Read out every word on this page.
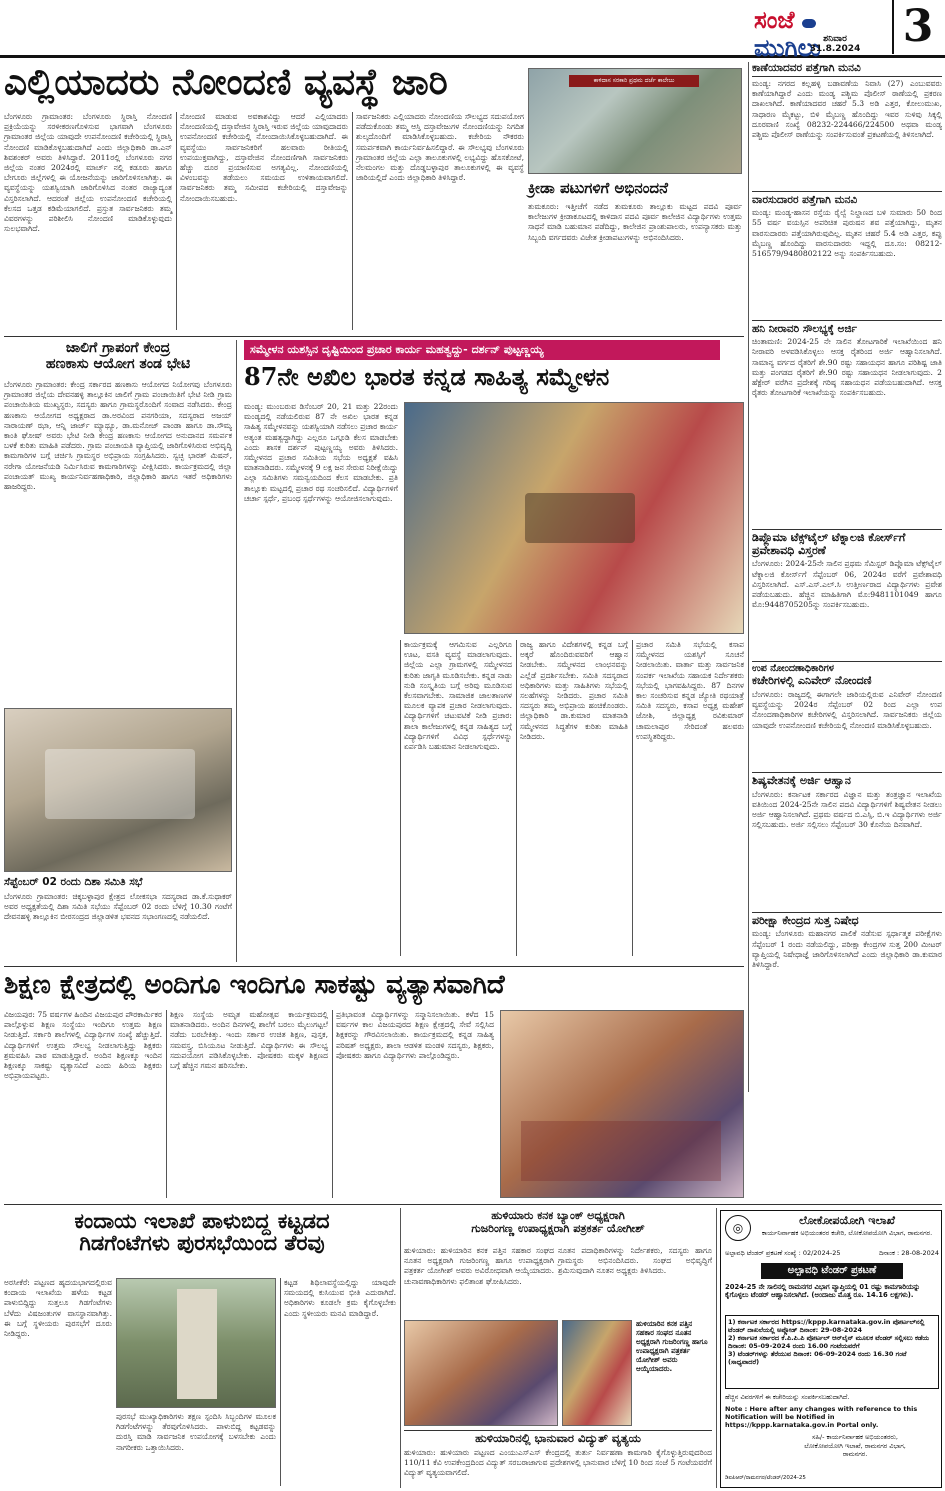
ಸಂಜೆ  ಮುಗಿಲು ಶನಿವಾರ
31.8.2024 3
ಎಲ್ಲಿಯಾದರು ನೋಂದಣಿ ವ್ಯವಸ್ಥೆ ಜಾರಿ
ಬೆಂಗಳೂರು ಗ್ರಾಮಾಂತರ: ಬೆಂಗಳೂರು ಸ್ಥಿರಾಸ್ತಿ ನೋಂದಣಿ ಪ್ರಕ್ರಿಯೆಯನ್ನು ಸರಳೀಕರಣಗೊಳಿಸುವ ಭಾಗವಾಗಿ ಬೆಂಗಳೂರು ಗ್ರಾಮಾಂತರ ಜಿಲ್ಲೆಯ ಯಾವುದೇ ಉಪನೋಂದಣಿ ಕಚೇರಿಯಲ್ಲಿ ಸ್ಥಿರಾಸ್ತಿ ನೋಂದಣಿ ಮಾಡಿಕೊಳ್ಳಬಹುದಾಗಿದೆ ಎಂದು ಜಿಲ್ಲಾಧಿಕಾರಿ ಡಾ.ಎನ್ ಶಿವಶಂಕರ್ ಅವರು ತಿಳಿಸಿದ್ದಾರೆ. 2011ರಲ್ಲಿ ಬೆಂಗಳೂರು ನಗರ ಜಿಲ್ಲೆಯ ನಂತರ 2024ರಲ್ಲಿ ಮಾರ್ಚ್ ನಲ್ಲಿ ಕಡೂರು ಹಾಗೂ ಬೇಗೂರು ಜಿಲ್ಲೆಗಳಲ್ಲಿ ಈ ಯೋಜನೆಯನ್ನು ಜಾರಿಗೊಳಿಸಲಾಗಿತ್ತು. ಈ ವ್ಯವಸ್ಥೆಯನ್ನು ಯಶಸ್ವಿಯಾಗಿ ಜಾರಿಗೊಳಿಸಿದ ನಂತರ ರಾಜ್ಯಾದ್ಯಂತ ವಿಸ್ತರಿಸಲಾಗಿದೆ. ಆದರಂತೆ ಜಿಲ್ಲೆಯ ಉಪನೋಂದಣಿ ಕಚೇರಿಯಲ್ಲಿ ಕೆಲಸದ ಒತ್ತಡ ಕಡಿಮೆಯಾಗಲಿದೆ. ಪ್ರಸ್ತುತ ಸಾರ್ವಜನಿಕರು ತಮ್ಮ ವಿವರಗಳನ್ನು ಪರಿಶೀಲಿಸಿ ನೋಂದಣಿ ಮಾಡಿಕೊಳ್ಳುವುದು ಸುಲಭವಾಗಿದೆ.
ನೋಂದಣಿ ಮಾಡುವ ಅವಕಾಶವಿದ್ದು ಆದರೆ ಎಲ್ಲಿಯಾದರು ನೋಂದಣಿಯಲ್ಲಿ ದಸ್ತಾವೇಜಿನ ಸ್ಥಿರಾಸ್ತಿ ಇರುವ ಜಿಲ್ಲೆಯ ಯಾವುದಾದರು ಉಪನೋಂದಣಿ ಕಚೇರಿಯಲ್ಲಿ ನೋಂದಾಯಿಸಿಕೊಳ್ಳಬಹುದಾಗಿದೆ. ಈ ವ್ಯವಸ್ಥೆಯು ಸಾರ್ವಜನಿಕರಿಗೆ ಹಲವಾರು ರೀತಿಯಲ್ಲಿ ಉಪಯುಕ್ತವಾಗಿದ್ದು, ದಸ್ತಾವೇಜಿನ ನೋಂದಣಿಗಾಗಿ ಸಾರ್ವಜನಿಕರು ಹೆಚ್ಚು ದೂರ ಪ್ರಯಾಣಿಸುವ ಅಗತ್ಯವಿಲ್ಲ. ನೋಂದಣಿಯಲ್ಲಿ ವಿಳಂಬವನ್ನು ತಡೆಯಲು ಸಮಯದ ಉಳಿತಾಯವಾಗಲಿದೆ. ಸಾರ್ವಜನಿಕರು ತಮ್ಮ ಸಮೀಪದ ಕಚೇರಿಯಲ್ಲಿ ದಸ್ತಾವೇಜನ್ನು ನೋಂದಾಯಿಸಬಹುದು.
ಸಾರ್ವಜನಿಕರು ಎಲ್ಲಿಯಾದರು ನೋಂದಣಿಯ ಸೌಲಭ್ಯದ ಸದುಪಯೋಗ ಪಡೆದುಕೊಂಡು ತಮ್ಮ ಆಸ್ತಿ ದಸ್ತಾವೇಜುಗಳ ನೋಂದಣಿಯನ್ನು ನಿಗದಿತ ಶುಲ್ಕದೊಂದಿಗೆ ಮಾಡಿಸಿಕೊಳ್ಳಬಹುದು. ಕಚೇರಿಯ ನೌಕರರು ಸಮರ್ಪಕವಾಗಿ ಕಾರ್ಯನಿರ್ವಹಿಸಲಿದ್ದಾರೆ. ಈ ಸೌಲಭ್ಯವು ಬೆಂಗಳೂರು ಗ್ರಾಮಾಂತರ ಜಿಲ್ಲೆಯ ಎಲ್ಲಾ ತಾಲೂಕುಗಳಲ್ಲಿ ಲಭ್ಯವಿದ್ದು ಹೊಸಕೋಟೆ, ನೆಲಮಂಗಲ ಮತ್ತು ದೊಡ್ಡಬಳ್ಳಾಪುರ ತಾಲೂಕುಗಳಲ್ಲಿ ಈ ವ್ಯವಸ್ಥೆ ಜಾರಿಯಲ್ಲಿದೆ ಎಂದು ಜಿಲ್ಲಾಧಿಕಾರಿ ತಿಳಿಸಿದ್ದಾರೆ.
ಕಾಳಿದಾಸ ಸರಕಾರಿ ಪ್ರಥಮ ದರ್ಜೆ ಕಾಲೇಜು
ಕ್ರೀಡಾ ಪಟುಗಳಿಗೆ ಅಭಿನಂದನೆ
ತುಮಕೂರು: ಇತ್ತೀಚೆಗೆ ನಡೆದ ತುಮಕೂರು ತಾಲ್ಲೂಕು ಮಟ್ಟದ ಪದವಿ ಪೂರ್ವ ಕಾಲೇಜುಗಳ ಕ್ರೀಡಾಕೂಟದಲ್ಲಿ ಕಾಳಿದಾಸ ಪದವಿ ಪೂರ್ವ ಕಾಲೇಜಿನ ವಿದ್ಯಾರ್ಥಿಗಳು ಉತ್ತಮ ಸಾಧನೆ ಮಾಡಿ ಬಹುಮಾನ ಪಡೆದಿದ್ದು, ಕಾಲೇಜಿನ ಪ್ರಾಂಶುಪಾಲರು, ಉಪನ್ಯಾಸಕರು ಮತ್ತು ಸಿಬ್ಬಂದಿ ವರ್ಗದವರು ವಿಜೇತ ಕ್ರೀಡಾಪಟುಗಳನ್ನು ಅಭಿನಂದಿಸಿದರು.
ಕಾಣೆಯಾದವರ ಪತ್ತೆಗಾಗಿ ಮನವಿ
ಮಂಡ್ಯ: ನಗರದ ಕಲ್ಲಹಳ್ಳಿ ಬಡಾವಣೆಯ ನಿವಾಸಿ (27) ಎಂಬುವವರು ಕಾಣೆಯಾಗಿದ್ದಾರೆ ಎಂದು ಮಂಡ್ಯ ಪಶ್ಚಿಮ ಪೊಲೀಸ್ ಠಾಣೆಯಲ್ಲಿ ಪ್ರಕರಣ ದಾಖಲಾಗಿದೆ. ಕಾಣೆಯಾದವರ ಚಹರೆ 5.3 ಅಡಿ ಎತ್ತರ, ಕೋಲುಮುಖ, ಸಾಧಾರಣ ಮೈಕಟ್ಟು, ಬಿಳಿ ಮೈಬಣ್ಣ ಹೊಂದಿದ್ದು ಇವರ ಸುಳಿವು ಸಿಕ್ಕಲ್ಲಿ ದೂರವಾಣಿ ಸಂಖ್ಯೆ 08232-224466/224500 ಅಥವಾ ಮಂಡ್ಯ ಪಶ್ಚಿಮ ಪೊಲೀಸ್ ಠಾಣೆಯನ್ನು ಸಂಪರ್ಕಿಸುವಂತೆ ಪ್ರಕಟಣೆಯಲ್ಲಿ ತಿಳಿಸಲಾಗಿದೆ.
ವಾರಸುದಾರರ ಪತ್ತೆಗಾಗಿ ಮನವಿ
ಮಂಡ್ಯ: ಮಂಡ್ಯ-ಹಾಸನ ರಸ್ತೆಯ ರೈಲ್ವೆ ನಿಲ್ದಾಣದ ಬಳಿ ಸುಮಾರು 50 ರಿಂದ 55 ವರ್ಷ ವಯಸ್ಸಿನ ಅಪರಿಚಿತ ಪುರುಷನ ಶವ ಪತ್ತೆಯಾಗಿದ್ದು, ಮೃತನ ವಾರಸುದಾರರು ಪತ್ತೆಯಾಗಿರುವುದಿಲ್ಲ. ಮೃತನ ಚಹರೆ 5.4 ಅಡಿ ಎತ್ತರ, ಕಪ್ಪು ಮೈಬಣ್ಣ ಹೊಂದಿದ್ದು ವಾರಸುದಾರರು ಇದ್ದಲ್ಲಿ ದೂ.ಸಂ: 08212-516579/9480802122 ಅನ್ನು ಸಂಪರ್ಕಿಸಬಹುದು.
ಹನಿ ನೀರಾವರಿ ಸೌಲಭ್ಯಕ್ಕೆ ಅರ್ಜಿ
ಚಿಂತಾಮಣಿ: 2024-25 ನೇ ಸಾಲಿನ ತೋಟಗಾರಿಕೆ ಇಲಾಖೆಯಿಂದ ಹನಿ ನೀರಾವರಿ ಅಳವಡಿಸಿಕೊಳ್ಳಲು ಆಸಕ್ತ ರೈತರಿಂದ ಅರ್ಜಿ ಆಹ್ವಾನಿಸಲಾಗಿದೆ. ಸಾಮಾನ್ಯ ವರ್ಗದ ರೈತರಿಗೆ ಶೇ.90 ರಷ್ಟು ಸಹಾಯಧನ ಹಾಗೂ ಪರಿಶಿಷ್ಟ ಜಾತಿ ಮತ್ತು ಪಂಗಡದ ರೈತರಿಗೆ ಶೇ.90 ರಷ್ಟು ಸಹಾಯಧನ ನೀಡಲಾಗುವುದು. 2 ಹೆಕ್ಟೇರ್ ವರೆಗಿನ ಪ್ರದೇಶಕ್ಕೆ ಗರಿಷ್ಠ ಸಹಾಯಧನ ಪಡೆಯಬಹುದಾಗಿದೆ. ಆಸಕ್ತ ರೈತರು ತೋಟಗಾರಿಕೆ ಇಲಾಖೆಯನ್ನು ಸಂಪರ್ಕಿಸಬಹುದು.
ಡಿಪ್ಲೊಮಾ ಟೆಕ್ಸ್‌ಟೈಲ್ ಟೆಕ್ನಾಲಜಿ ಕೋರ್ಸ್‌ಗೆ ಪ್ರವೇಶಾವಧಿ ವಿಸ್ತರಣೆ
ಬೆಂಗಳೂರು: 2024-25ನೇ ಸಾಲಿನ ಪ್ರಥಮ ಸೆಮಿಸ್ಟರ್ ಡಿಪ್ಲೊಮಾ ಟೆಕ್ಸ್‌ಟೈಲ್ ಟೆಕ್ನಾಲಜಿ ಕೋರ್ಸ್‌ಗೆ ಸೆಪ್ಟೆಂಬರ್ 06, 2024ರ ವರೆಗೆ ಪ್ರವೇಶಾವಧಿ ವಿಸ್ತರಿಸಲಾಗಿದೆ. ಎಸ್.ಎಸ್.ಎಲ್.ಸಿ ಉತ್ತೀರ್ಣರಾದ ವಿದ್ಯಾರ್ಥಿಗಳು ಪ್ರವೇಶ ಪಡೆಯಬಹುದು. ಹೆಚ್ಚಿನ ಮಾಹಿತಿಗಾಗಿ ಮೊ:9481101049 ಹಾಗೂ ಮೊ:9448705205ನ್ನು ಸಂಪರ್ಕಿಸಬಹುದು.
ಉಪ ನೋಂದಣಾಧಿಕಾರಿಗಳ
ಕಚೇರಿಗಳಲ್ಲಿ ಎನಿವೇರ್ ನೋಂದಣಿ
ಬೆಂಗಳೂರು: ರಾಜ್ಯದಲ್ಲಿ ಈಗಾಗಲೇ ಜಾರಿಯಲ್ಲಿರುವ ಎನಿವೇರ್ ನೋಂದಣಿ ವ್ಯವಸ್ಥೆಯನ್ನು 2024ರ ಸೆಪ್ಟೆಂಬರ್ 02 ರಿಂದ ಎಲ್ಲಾ ಉಪ ನೋಂದಣಾಧಿಕಾರಿಗಳ ಕಚೇರಿಗಳಲ್ಲಿ ವಿಸ್ತರಿಸಲಾಗಿದೆ. ಸಾರ್ವಜನಿಕರು ಜಿಲ್ಲೆಯ ಯಾವುದೇ ಉಪನೋಂದಣಿ ಕಚೇರಿಯಲ್ಲಿ ನೋಂದಣಿ ಮಾಡಿಸಿಕೊಳ್ಳಬಹುದು.
ಶಿಷ್ಯವೇತನಕ್ಕೆ ಅರ್ಜಿ ಆಹ್ವಾನ
ಬೆಂಗಳೂರು: ಕರ್ನಾಟಕ ಸರ್ಕಾರದ ವಿಜ್ಞಾನ ಮತ್ತು ತಂತ್ರಜ್ಞಾನ ಇಲಾಖೆಯ ವತಿಯಿಂದ 2024-25ನೇ ಸಾಲಿನ ಪದವಿ ವಿದ್ಯಾರ್ಥಿಗಳಿಗೆ ಶಿಷ್ಯವೇತನ ನೀಡಲು ಅರ್ಜಿ ಆಹ್ವಾನಿಸಲಾಗಿದೆ. ಪ್ರಥಮ ವರ್ಷದ ಬಿ.ಎಸ್ಸಿ, ಬಿ.ಇ ವಿದ್ಯಾರ್ಥಿಗಳು ಅರ್ಜಿ ಸಲ್ಲಿಸಬಹುದು. ಅರ್ಜಿ ಸಲ್ಲಿಸಲು ಸೆಪ್ಟೆಂಬರ್ 30 ಕೊನೆಯ ದಿನವಾಗಿದೆ.
ಪರೀಕ್ಷಾ ಕೇಂದ್ರದ ಸುತ್ತ ನಿಷೇಧ
ಮಂಡ್ಯ: ಬೆಂಗಳೂರು ಮಹಾನಗರ ಪಾಲಿಕೆ ನಡೆಸುವ ಸ್ಪರ್ಧಾತ್ಮಕ ಪರೀಕ್ಷೆಗಳು ಸೆಪ್ಟೆಂಬರ್ 1 ರಂದು ನಡೆಯಲಿದ್ದು, ಪರೀಕ್ಷಾ ಕೇಂದ್ರಗಳ ಸುತ್ತ 200 ಮೀಟರ್ ವ್ಯಾಪ್ತಿಯಲ್ಲಿ ನಿಷೇಧಾಜ್ಞೆ ಜಾರಿಗೊಳಿಸಲಾಗಿದೆ ಎಂದು ಜಿಲ್ಲಾಧಿಕಾರಿ ಡಾ.ಕುಮಾರ ತಿಳಿಸಿದ್ದಾರೆ.
ಜಾಲಿಗೆ ಗ್ರಾಪಂಗೆ ಕೇಂದ್ರ
ಹಣಕಾಸು ಆಯೋಗ ತಂಡ ಭೇಟಿ
ಬೆಂಗಳೂರು ಗ್ರಾಮಾಂತರ: ಕೇಂದ್ರ ಸರ್ಕಾರದ ಹಣಕಾಸು ಆಯೋಗದ ನಿಯೋಗವು ಬೆಂಗಳೂರು ಗ್ರಾಮಾಂತರ ಜಿಲ್ಲೆಯ ದೇವನಹಳ್ಳಿ ತಾಲ್ಲೂಕಿನ ಜಾಲಿಗೆ ಗ್ರಾಮ ಪಂಚಾಯಿತಿಗೆ ಭೇಟಿ ನೀಡಿ ಗ್ರಾಮ ಪಂಚಾಯಿತಿಯ ಮುಖ್ಯಸ್ಥರು, ಸದಸ್ಯರು ಹಾಗೂ ಗ್ರಾಮಸ್ಥರೊಂದಿಗೆ ಸಂವಾದ ನಡೆಸಿದರು. ಕೇಂದ್ರ ಹಣಕಾಸು ಆಯೋಗದ ಅಧ್ಯಕ್ಷರಾದ ಡಾ.ಅರವಿಂದ ಪನಗರಿಯಾ, ಸದಸ್ಯರಾದ ಅಜಯ್ ನಾರಾಯಣ್ ಝಾ, ಆನ್ನಿ ಜಾರ್ಜ್ ಮ್ಯಾಥ್ಯೂ, ಡಾ.ಮನೋಜ್ ಪಾಂಡಾ ಹಾಗೂ ಡಾ.ಸೌಮ್ಯ ಕಾಂತಿ ಘೋಷ್ ಅವರು ಭೇಟಿ ನೀಡಿ ಕೇಂದ್ರ ಹಣಕಾಸು ಆಯೋಗದ ಅನುದಾನದ ಸಮರ್ಪಕ ಬಳಕೆ ಕುರಿತು ಮಾಹಿತಿ ಪಡೆದರು. ಗ್ರಾಮ ಪಂಚಾಯತಿ ವ್ಯಾಪ್ತಿಯಲ್ಲಿ ಜಾರಿಗೊಳಿಸಿರುವ ಅಭಿವೃದ್ಧಿ ಕಾಮಗಾರಿಗಳ ಬಗ್ಗೆ ಚರ್ಚಿಸಿ ಗ್ರಾಮಸ್ಥರ ಅಭಿಪ್ರಾಯ ಸಂಗ್ರಹಿಸಿದರು. ಸ್ವಚ್ಛ ಭಾರತ್ ಮಿಷನ್, ನರೇಗಾ ಯೋಜನೆಯಡಿ ನಿರ್ಮಿಸಿರುವ ಕಾಮಗಾರಿಗಳನ್ನು ವೀಕ್ಷಿಸಿದರು. ಕಾರ್ಯಕ್ರಮದಲ್ಲಿ ಜಿಲ್ಲಾ ಪಂಚಾಯತ್ ಮುಖ್ಯ ಕಾರ್ಯನಿರ್ವಹಣಾಧಿಕಾರಿ, ಜಿಲ್ಲಾಧಿಕಾರಿ ಹಾಗೂ ಇತರೆ ಅಧಿಕಾರಿಗಳು ಹಾಜರಿದ್ದರು.
ಸೆಪ್ಟೆಂಬರ್ 02 ರಂದು ದಿಶಾ ಸಮಿತಿ ಸಭೆ
ಬೆಂಗಳೂರು ಗ್ರಾಮಾಂತರ: ಚಿಕ್ಕಬಳ್ಳಾಪುರ ಕ್ಷೇತ್ರದ ಲೋಕಸಭಾ ಸದಸ್ಯರಾದ ಡಾ.ಕೆ.ಸುಧಾಕರ್ ಅವರ ಅಧ್ಯಕ್ಷತೆಯಲ್ಲಿ ದಿಶಾ ಸಮಿತಿ ಸಭೆಯು ಸೆಪ್ಟೆಂಬರ್ 02 ರಂದು ಬೆಳಿಗ್ಗೆ 10.30 ಗಂಟೆಗೆ ದೇವನಹಳ್ಳಿ ತಾಲ್ಲೂಕಿನ ಬೀರಸಂದ್ರದ ಜಿಲ್ಲಾಡಳಿತ ಭವನದ ಸಭಾಂಗಣದಲ್ಲಿ ನಡೆಯಲಿದೆ.
ಸಮ್ಮೇಳನ ಯಶಸ್ಸಿನ ದೃಷ್ಟಿಯಿಂದ ಪ್ರಚಾರ ಕಾರ್ಯ ಮಹತ್ವದ್ದು- ದರ್ಶನ್ ಪುಟ್ಟಣ್ಣಯ್ಯ
87ನೇ ಅಖಿಲ ಭಾರತ ಕನ್ನಡ ಸಾಹಿತ್ಯ ಸಮ್ಮೇಳನ
ಮಂಡ್ಯ: ಮುಂಬರುವ ಡಿಸೆಂಬರ್ 20, 21 ಮತ್ತು 22ರಂದು ಮಂಡ್ಯದಲ್ಲಿ ನಡೆಯಲಿರುವ 87 ನೇ ಅಖಿಲ ಭಾರತ ಕನ್ನಡ ಸಾಹಿತ್ಯ ಸಮ್ಮೇಳನವನ್ನು ಯಶಸ್ವಿಯಾಗಿ ನಡೆಸಲು ಪ್ರಚಾರ ಕಾರ್ಯ ಅತ್ಯಂತ ಮಹತ್ವದ್ದಾಗಿದ್ದು ಎಲ್ಲರೂ ಒಗ್ಗೂಡಿ ಕೆಲಸ ಮಾಡಬೇಕು ಎಂದು ಶಾಸಕ ದರ್ಶನ್ ಪುಟ್ಟಣ್ಣಯ್ಯ ಅವರು ತಿಳಿಸಿದರು. ಸಮ್ಮೇಳನದ ಪ್ರಚಾರ ಸಮಿತಿಯ ಸಭೆಯ ಅಧ್ಯಕ್ಷತೆ ವಹಿಸಿ ಮಾತನಾಡಿದರು. ಸಮ್ಮೇಳನಕ್ಕೆ 9 ಲಕ್ಷ ಜನ ಸೇರುವ ನಿರೀಕ್ಷೆಯಿದ್ದು ಎಲ್ಲಾ ಸಮಿತಿಗಳು ಸಮನ್ವಯದಿಂದ ಕೆಲಸ ಮಾಡಬೇಕು. ಪ್ರತಿ ತಾಲ್ಲೂಕು ಮಟ್ಟದಲ್ಲಿ ಪ್ರಚಾರ ರಥ ಸಂಚರಿಸಲಿದೆ. ವಿದ್ಯಾರ್ಥಿಗಳಿಗೆ ಚರ್ಚಾ ಸ್ಪರ್ಧೆ, ಪ್ರಬಂಧ ಸ್ಪರ್ಧೆಗಳನ್ನು ಆಯೋಜಿಸಲಾಗುವುದು.
ಕಾರ್ಯಕ್ರಮಕ್ಕೆ ಆಗಮಿಸುವ ಎಲ್ಲರಿಗೂ ಊಟ, ವಸತಿ ವ್ಯವಸ್ಥೆ ಮಾಡಲಾಗುವುದು. ಜಿಲ್ಲೆಯ ಎಲ್ಲಾ ಗ್ರಾಮಗಳಲ್ಲಿ ಸಮ್ಮೇಳನದ ಕುರಿತು ಜಾಗೃತಿ ಮೂಡಿಸಬೇಕು. ಕನ್ನಡ ನಾಡು ನುಡಿ ಸಂಸ್ಕೃತಿಯ ಬಗ್ಗೆ ಅರಿವು ಮೂಡಿಸುವ ಕೆಲಸವಾಗಬೇಕು. ಸಾಮಾಜಿಕ ಜಾಲತಾಣಗಳ ಮೂಲಕ ವ್ಯಾಪಕ ಪ್ರಚಾರ ನೀಡಲಾಗುವುದು. ವಿದ್ಯಾರ್ಥಿಗಳಿಗೆ ಚಟುವಟಿಕೆ ನೀಡಿ ಪ್ರಚಾರ: ಶಾಲಾ ಕಾಲೇಜುಗಳಲ್ಲಿ ಕನ್ನಡ ಸಾಹಿತ್ಯದ ಬಗ್ಗೆ ವಿದ್ಯಾರ್ಥಿಗಳಿಗೆ ವಿವಿಧ ಸ್ಪರ್ಧೆಗಳನ್ನು ಏರ್ಪಡಿಸಿ ಬಹುಮಾನ ನೀಡಲಾಗುವುದು.
ರಾಜ್ಯ ಹಾಗೂ ವಿದೇಶಗಳಲ್ಲಿ ಕನ್ನಡ ಬಗ್ಗೆ ಅಕ್ಕರೆ ಹೊಂದಿರುವವರಿಗೆ ಆಹ್ವಾನ ನೀಡಬೇಕು. ಸಮ್ಮೇಳನದ ಲಾಂಛನವನ್ನು ಎಲ್ಲೆಡೆ ಪ್ರದರ್ಶಿಸಬೇಕು. ಸಮಿತಿ ಸದಸ್ಯರಾದ ಅಧಿಕಾರಿಗಳು ಮತ್ತು ಸಾಹಿತಿಗಳು ಸಭೆಯಲ್ಲಿ ಸಲಹೆಗಳನ್ನು ನೀಡಿದರು. ಪ್ರಚಾರ ಸಮಿತಿ ಸದಸ್ಯರು ತಮ್ಮ ಅಭಿಪ್ರಾಯ ಹಂಚಿಕೊಂಡರು. ಜಿಲ್ಲಾಧಿಕಾರಿ ಡಾ.ಕುಮಾರ ಮಾತನಾಡಿ ಸಮ್ಮೇಳನದ ಸಿದ್ಧತೆಗಳ ಕುರಿತು ಮಾಹಿತಿ ನೀಡಿದರು.
ಪ್ರಚಾರ ಸಮಿತಿ ಸಭೆಯಲ್ಲಿ ಕಸಾಪ ಸಮ್ಮೇಳನದ ಯಶಸ್ಸಿಗೆ ಸೂಚನೆ ನೀಡಲಾಯಿತು. ವಾರ್ತಾ ಮತ್ತು ಸಾರ್ವಜನಿಕ ಸಂಪರ್ಕ ಇಲಾಖೆಯ ಸಹಾಯಕ ನಿರ್ದೇಶಕರು ಸಭೆಯಲ್ಲಿ ಭಾಗವಹಿಸಿದ್ದರು. 87 ದಿನಗಳ ಕಾಲ ಸಂಚರಿಸುವ ಕನ್ನಡ ಜ್ಯೋತಿ ರಥಯಾತ್ರೆ ಸಮಿತಿ ಸದಸ್ಯರು, ಕಸಾಪ ಅಧ್ಯಕ್ಷ ಮಹೇಶ್ ಜೋಶಿ, ಜಿಲ್ಲಾಧ್ಯಕ್ಷ ರವಿಕುಮಾರ್ ಚಾಮಲಾಪುರ ಸೇರಿದಂತೆ ಹಲವರು ಉಪಸ್ಥಿತರಿದ್ದರು.
ಶಿಕ್ಷಣ ಕ್ಷೇತ್ರದಲ್ಲಿ ಅಂದಿಗೂ ಇಂದಿಗೂ ಸಾಕಷ್ಟು ವ್ಯತ್ಯಾಸವಾಗಿದೆ
ವಿಜಯಪುರ: 75 ವರ್ಷಗಳ ಹಿಂದಿನ ವಿಜಯಪುರ ಪೌರಕಾರ್ಮಿಕರ ಪಾಲ್ಗೊಳ್ಳುವ ಶಿಕ್ಷಣ ಸಂಸ್ಥೆಯು ಇಂದಿಗೂ ಉತ್ತಮ ಶಿಕ್ಷಣ ನೀಡುತ್ತಿದೆ. ಸರ್ಕಾರಿ ಶಾಲೆಗಳಲ್ಲಿ ವಿದ್ಯಾರ್ಥಿಗಳ ಸಂಖ್ಯೆ ಹೆಚ್ಚುತ್ತಿದೆ. ವಿದ್ಯಾರ್ಥಿಗಳಿಗೆ ಉತ್ತಮ ಸೌಲಭ್ಯ ನೀಡಲಾಗುತ್ತಿದ್ದು ಶಿಕ್ಷಕರು ಶ್ರಮವಹಿಸಿ ಪಾಠ ಮಾಡುತ್ತಿದ್ದಾರೆ. ಅಂದಿನ ಶಿಕ್ಷಣಕ್ಕೂ ಇಂದಿನ ಶಿಕ್ಷಣಕ್ಕೂ ಸಾಕಷ್ಟು ವ್ಯತ್ಯಾಸವಿದೆ ಎಂದು ಹಿರಿಯ ಶಿಕ್ಷಕರು ಅಭಿಪ್ರಾಯಪಟ್ಟರು.
ಶಿಕ್ಷಣ ಸಂಸ್ಥೆಯ ಅಮೃತ ಮಹೋತ್ಸವ ಕಾರ್ಯಕ್ರಮದಲ್ಲಿ ಮಾತನಾಡಿದರು. ಅಂದಿನ ದಿನಗಳಲ್ಲಿ ಶಾಲೆಗೆ ಬರಲು ಮೈಲುಗಟ್ಟಲೆ ನಡೆದು ಬರಬೇಕಿತ್ತು. ಇಂದು ಸರ್ಕಾರ ಉಚಿತ ಶಿಕ್ಷಣ, ಪುಸ್ತಕ, ಸಮವಸ್ತ್ರ, ಬಿಸಿಯೂಟ ನೀಡುತ್ತಿದೆ. ವಿದ್ಯಾರ್ಥಿಗಳು ಈ ಸೌಲಭ್ಯ ಸದುಪಯೋಗ ಪಡಿಸಿಕೊಳ್ಳಬೇಕು. ಪೋಷಕರು ಮಕ್ಕಳ ಶಿಕ್ಷಣದ ಬಗ್ಗೆ ಹೆಚ್ಚಿನ ಗಮನ ಹರಿಸಬೇಕು.
ಪ್ರತಿಭಾವಂತ ವಿದ್ಯಾರ್ಥಿಗಳನ್ನು ಸನ್ಮಾನಿಸಲಾಯಿತು. ಕಳೆದ 15 ವರ್ಷಗಳ ಕಾಲ ವಿಜಯಪುರದ ಶಿಕ್ಷಣ ಕ್ಷೇತ್ರದಲ್ಲಿ ಸೇವೆ ಸಲ್ಲಿಸಿದ ಶಿಕ್ಷಕರನ್ನು ಗೌರವಿಸಲಾಯಿತು. ಕಾರ್ಯಕ್ರಮದಲ್ಲಿ ಕನ್ನಡ ಸಾಹಿತ್ಯ ಪರಿಷತ್ ಅಧ್ಯಕ್ಷರು, ಶಾಲಾ ಆಡಳಿತ ಮಂಡಳಿ ಸದಸ್ಯರು, ಶಿಕ್ಷಕರು, ಪೋಷಕರು ಹಾಗೂ ವಿದ್ಯಾರ್ಥಿಗಳು ಪಾಲ್ಗೊಂಡಿದ್ದರು.
ಕಂದಾಯ ಇಲಾಖೆ ಪಾಳುಬಿದ್ದ ಕಟ್ಟಡದ
ಗಿಡಗೆಂಟೆಗಳು ಪುರಸಭೆಯಿಂದ ತೆರವು
ಅರಸೀಕೆರೆ: ಪಟ್ಟಣದ ಹೃದಯಭಾಗದಲ್ಲಿರುವ ಕಂದಾಯ ಇಲಾಖೆಯ ಹಳೆಯ ಕಟ್ಟಡ ಪಾಳುಬಿದ್ದಿದ್ದು ಸುತ್ತಲೂ ಗಿಡಗೆಂಟೆಗಳು ಬೆಳೆದು ವಿಷಜಂತುಗಳ ವಾಸಸ್ಥಾನವಾಗಿತ್ತು. ಈ ಬಗ್ಗೆ ಸ್ಥಳೀಯರು ಪುರಸಭೆಗೆ ದೂರು ನೀಡಿದ್ದರು.
ಪುರಸಭೆ ಮುಖ್ಯಾಧಿಕಾರಿಗಳು ತಕ್ಷಣ ಸ್ಪಂದಿಸಿ ಸಿಬ್ಬಂದಿಗಳ ಮೂಲಕ ಗಿಡಗೆಂಟೆಗಳನ್ನು ತೆರವುಗೊಳಿಸಿದರು. ಪಾಳುಬಿದ್ದ ಕಟ್ಟಡವನ್ನು ದುರಸ್ತಿ ಮಾಡಿ ಸಾರ್ವಜನಿಕ ಉಪಯೋಗಕ್ಕೆ ಬಳಸಬೇಕು ಎಂದು ನಾಗರೀಕರು ಒತ್ತಾಯಿಸಿದರು.
ಕಟ್ಟಡ ಶಿಥಿಲಾವಸ್ಥೆಯಲ್ಲಿದ್ದು ಯಾವುದೇ ಸಮಯದಲ್ಲಿ ಕುಸಿಯುವ ಭೀತಿ ಎದುರಾಗಿದೆ. ಅಧಿಕಾರಿಗಳು ಕೂಡಲೇ ಕ್ರಮ ಕೈಗೊಳ್ಳಬೇಕು ಎಂದು ಸ್ಥಳೀಯರು ಮನವಿ ಮಾಡಿದ್ದಾರೆ.
ಹುಳಿಯಾರು ಕನಕ ಬ್ಯಾಂಕ್ ಅಧ್ಯಕ್ಷರಾಗಿ
ಗುಜರಿಂಗಣ್ಣ ಉಪಾಧ್ಯಕ್ಷರಾಗಿ ಪತ್ರಕರ್ತ ಯೋಗೀಶ್
ಹುಳಿಯಾರು: ಹುಳಿಯಾರಿನ ಕನಕ ಪತ್ತಿನ ಸಹಕಾರ ಸಂಘದ ನೂತನ ಅಧ್ಯಕ್ಷರಾಗಿ ಗುಜರಿಂಗಣ್ಣ ಹಾಗೂ ಉಪಾಧ್ಯಕ್ಷರಾಗಿ ಪತ್ರಕರ್ತ ಯೋಗೀಶ್ ಅವರು ಅವಿರೋಧವಾಗಿ ಆಯ್ಕೆಯಾದರು. ಚುನಾವಣಾಧಿಕಾರಿಗಳು ಫಲಿತಾಂಶ ಘೋಷಿಸಿದರು.
ನೂತನ ಪದಾಧಿಕಾರಿಗಳನ್ನು ನಿರ್ದೇಶಕರು, ಸದಸ್ಯರು ಹಾಗೂ ಗ್ರಾಮಸ್ಥರು ಅಭಿನಂದಿಸಿದರು. ಸಂಘದ ಅಭಿವೃದ್ಧಿಗೆ ಶ್ರಮಿಸುವುದಾಗಿ ನೂತನ ಅಧ್ಯಕ್ಷರು ತಿಳಿಸಿದರು.
ಹುಳಿಯಾರಿನ ಕನಕ ಪತ್ತಿನ ಸಹಕಾರ ಸಂಘದ ನೂತನ ಅಧ್ಯಕ್ಷರಾಗಿ ಗುಜರಿಂಗಣ್ಣ ಹಾಗೂ ಉಪಾಧ್ಯಕ್ಷರಾಗಿ ಪತ್ರಕರ್ತ ಯೋಗೀಶ್ ಅವರು ಆಯ್ಕೆಯಾದರು.
ಹುಳಿಯಾರಿನಲ್ಲಿ ಭಾನುವಾರ ವಿದ್ಯುತ್ ವ್ಯತ್ಯಯ
ಹುಳಿಯಾರು: ಹುಳಿಯಾರು ಪಟ್ಟಣದ ಎಂಯುಎಸ್ಎಸ್ ಕೇಂದ್ರದಲ್ಲಿ ತುರ್ತು ನಿರ್ವಹಣಾ ಕಾಮಗಾರಿ ಕೈಗೊಳ್ಳುತ್ತಿರುವುದರಿಂದ 110/11 ಕೆವಿ ಉಪಕೇಂದ್ರದಿಂದ ವಿದ್ಯುತ್ ಸರಬರಾಜಾಗುವ ಪ್ರದೇಶಗಳಲ್ಲಿ ಭಾನುವಾರ ಬೆಳಿಗ್ಗೆ 10 ರಿಂದ ಸಂಜೆ 5 ಗಂಟೆಯವರೆಗೆ ವಿದ್ಯುತ್ ವ್ಯತ್ಯಯವಾಗಲಿದೆ.
◎
ಲೋಕೋಪಯೋಗಿ ಇಲಾಖೆ
ಕಾರ್ಯನಿರ್ವಾಹಕ ಅಭಿಯಂತರರ ಕಚೇರಿ, ಲೋಕೋಪಯೋಗಿ ವಿಭಾಗ, ರಾಮನಗರ.
ಅಲ್ಪಾವಧಿ ಟೆಂಡರ್ ಪ್ರಕಟಣೆ ಸಂಖ್ಯೆ : 02/2024-25	ದಿನಾಂಕ : 28-08-2024
ಅಲ್ಪಾವಧಿ ಟೆಂಡರ್ ಪ್ರಕಟಣೆ
2024-25 ನೇ ಸಾಲಿನಲ್ಲಿ ರಾಮನಗರ ವಿಭಾಗ ವ್ಯಾಪ್ತಿಯಲ್ಲಿ 01 ರಷ್ಟು ಕಾಮಗಾರಿಯನ್ನು ಕೈಗೊಳ್ಳಲು ಟೆಂಡರ್ ಆಹ್ವಾನಿಸಲಾಗಿದೆ. (ಅಂದಾಜು ಮೊತ್ತ ರೂ. 14.16 ಲಕ್ಷಗಳು).
1) ಕರ್ನಾಟಕ ಸರ್ಕಾರದ https://kppp.karnataka.gov.in ಪೋರ್ಟಲ್‌ನಲ್ಲಿ ಟೆಂಡರ್ ದಾಖಲೆಯಲ್ಲಿ ಅಪ್ಲೋಡ್ ದಿನಾಂಕ: 29-08-2024
2) ಕರ್ನಾಟಕ ಸರ್ಕಾರದ ಕೆ.ಪಿ.ಪಿ.ಪಿ ಪೋರ್ಟಲ್ ಆನ್‌ಲೈನ್ ಮೂಲಕ ಟೆಂಡರ್ ಸಲ್ಲಿಸಲು ಕಡೆಯ ದಿನಾಂಕ: 05-09-2024 ರಂದು 16.00 ಗಂಟೆಯವರೆಗೆ
3) ಟೆಂಡರ್‌ಗಳನ್ನು ತೆರೆಯುವ ದಿನಾಂಕ: 06-09-2024 ರಂದು 16.30 ಗಂಟೆ (ಸಾಧ್ಯವಾದರೆ)
ಹೆಚ್ಚಿನ ವಿವರಗಳಿಗೆ ಈ ಕಚೇರಿಯನ್ನು ಸಂಪರ್ಕಿಸಬಹುದಾಗಿದೆ.
Note : Here after any changes with reference to this Notification will be Notified in https://kppp.karnataka.gov.in Portal only.
ಸಹಿ/- ಕಾರ್ಯನಿರ್ವಾಹಕ ಅಭಿಯಂತರರು,
ಲೋಕೋಪಯೋಗಿ ಇಲಾಖೆ, ರಾಮನಗರ ವಿಭಾಗ,
ರಾಮನಗರ.
ಡಿಐಪಿಆರ್/ರಾಮನಗರ/ಟೆಂಡರ್/2024-25
